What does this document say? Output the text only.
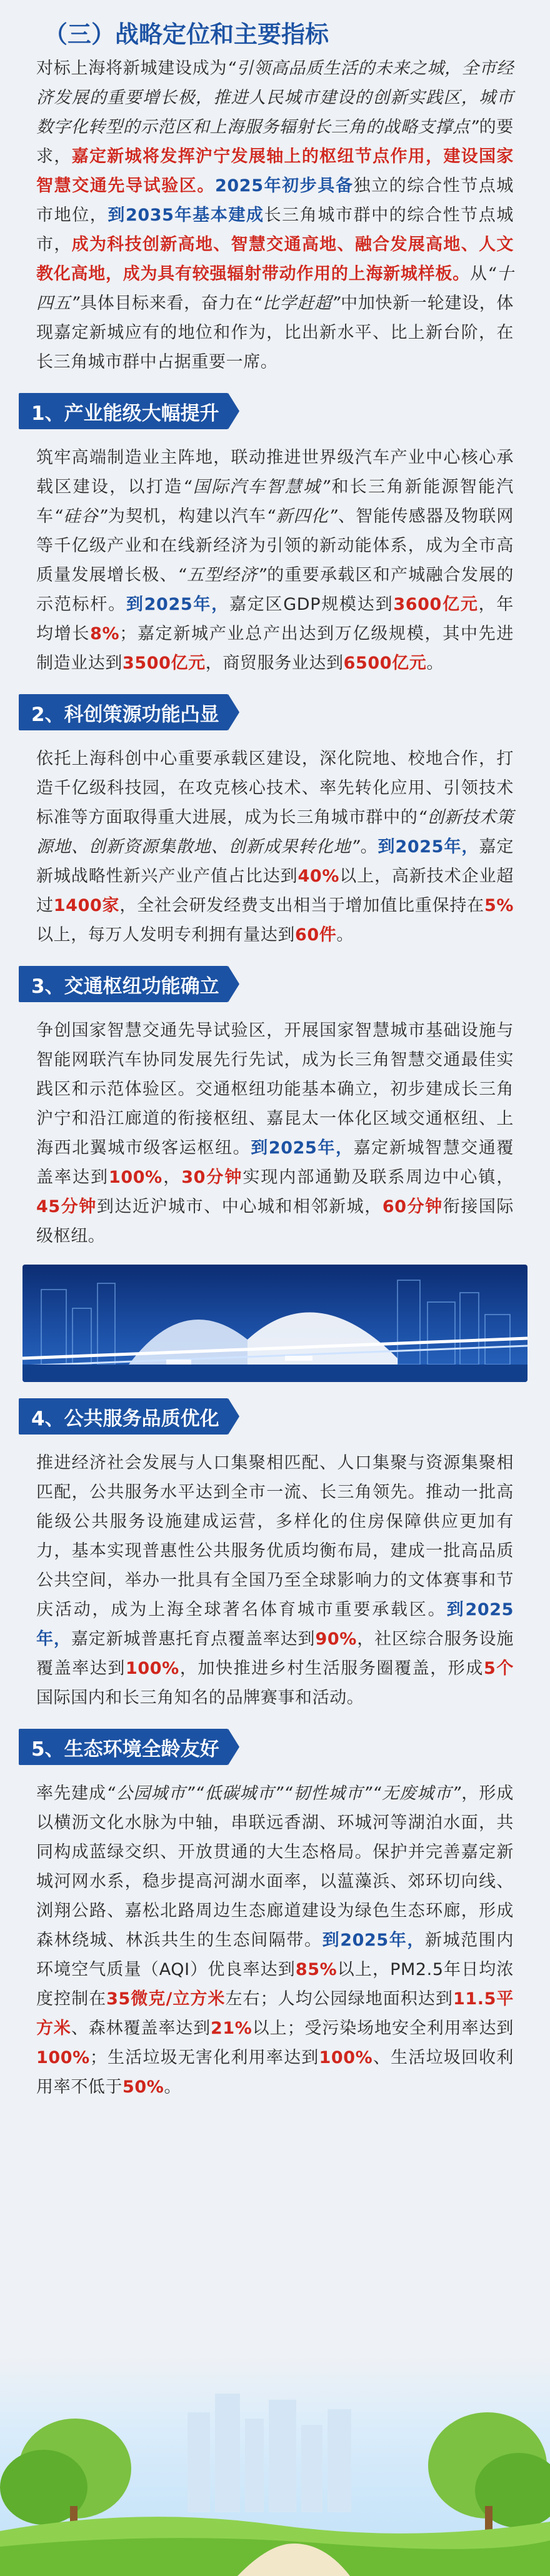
（三）战略定位和主要指标

对标上海将新城建设成为“引领高品质生活的未来之城，全市经济发展的重要增长极，推进人民城市建设的创新实践区，城市数字化转型的示范区和上海服务辐射长三角的战略支撑点”的要求，嘉定新城将发挥沪宁发展轴上的枢纽节点作用，建设国家智慧交通先导试验区。2025年初步具备独立的综合性节点城市地位，到2035年基本建成长三角城市群中的综合性节点城市，成为科技创新高地、智慧交通高地、融合发展高地、人文教化高地，成为具有较强辐射带动作用的上海新城样板。从“十四五”具体目标来看，奋力在“比学赶超”中加快新一轮建设，体现嘉定新城应有的地位和作为，比出新水平、比上新台阶，在长三角城市群中占据重要一席。

1、产业能级大幅提升

筑牢高端制造业主阵地，联动推进世界级汽车产业中心核心承载区建设，以打造“国际汽车智慧城”和长三角新能源智能汽车“硅谷”为契机，构建以汽车“新四化”、智能传感器及物联网等千亿级产业和在线新经济为引领的新动能体系，成为全市高质量发展增长极、“五型经济”的重要承载区和产城融合发展的示范标杆。到2025年，嘉定区GDP规模达到3600亿元，年均增长8%；嘉定新城产业总产出达到万亿级规模，其中先进制造业达到3500亿元，商贸服务业达到6500亿元。

2、科创策源功能凸显

依托上海科创中心重要承载区建设，深化院地、校地合作，打造千亿级科技园，在攻克核心技术、率先转化应用、引领技术标准等方面取得重大进展，成为长三角城市群中的“创新技术策源地、创新资源集散地、创新成果转化地”。到2025年，嘉定新城战略性新兴产业产值占比达到40%以上，高新技术企业超过1400家，全社会研发经费支出相当于增加值比重保持在5%以上，每万人发明专利拥有量达到60件。

3、交通枢纽功能确立

争创国家智慧交通先导试验区，开展国家智慧城市基础设施与智能网联汽车协同发展先行先试，成为长三角智慧交通最佳实践区和示范体验区。交通枢纽功能基本确立，初步建成长三角沪宁和沿江廊道的衔接枢纽、嘉昆太一体化区域交通枢纽、上海西北翼城市级客运枢纽。到2025年，嘉定新城智慧交通覆盖率达到100%，30分钟实现内部通勤及联系周边中心镇，45分钟到达近沪城市、中心城和相邻新城，60分钟衔接国际级枢纽。

4、公共服务品质优化

推进经济社会发展与人口集聚相匹配、人口集聚与资源集聚相匹配，公共服务水平达到全市一流、长三角领先。推动一批高能级公共服务设施建成运营，多样化的住房保障供应更加有力，基本实现普惠性公共服务优质均衡布局，建成一批高品质公共空间，举办一批具有全国乃至全球影响力的文体赛事和节庆活动，成为上海全球著名体育城市重要承载区。到2025年，嘉定新城普惠托育点覆盖率达到90%，社区综合服务设施覆盖率达到100%，加快推进乡村生活服务圈覆盖，形成5个国际国内和长三角知名的品牌赛事和活动。

5、生态环境全龄友好

率先建成“公园城市”“低碳城市”“韧性城市”“无废城市”，形成以横沥文化水脉为中轴，串联远香湖、环城河等湖泊水面，共同构成蓝绿交织、开放贯通的大生态格局。保护并完善嘉定新城河网水系，稳步提高河湖水面率，以蕰藻浜、郊环切向线、浏翔公路、嘉松北路周边生态廊道建设为绿色生态环廊，形成森林绕城、林浜共生的生态间隔带。到2025年，新城范围内环境空气质量（AQI）优良率达到85%以上，PM2.5年日均浓度控制在35微克/立方米左右；人均公园绿地面积达到11.5平方米、森林覆盖率达到21%以上；受污染场地安全利用率达到100%；生活垃圾无害化利用率达到100%、生活垃圾回收利用率不低于50%。
